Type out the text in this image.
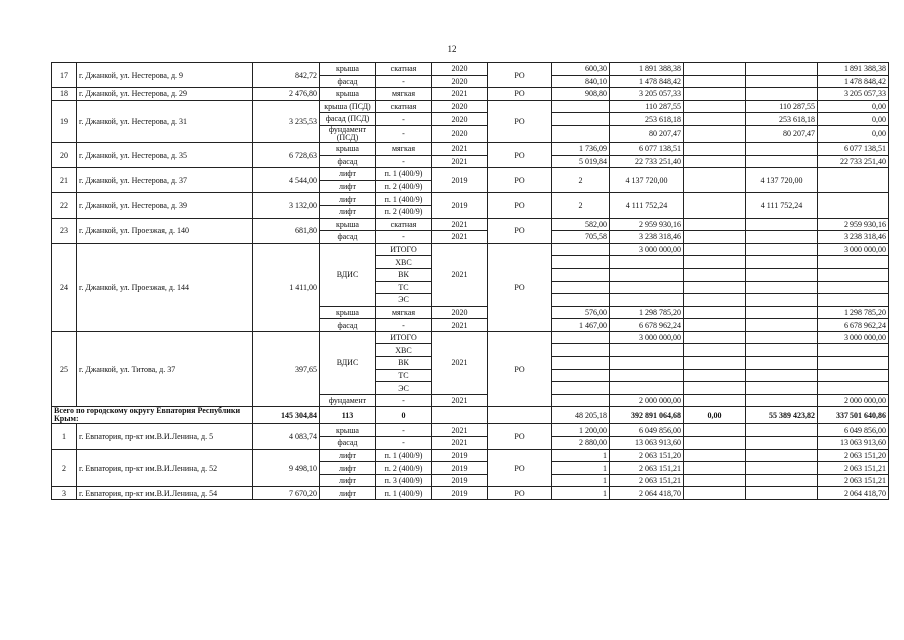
12
17	г. Джанкой, ул. Нестерова, д. 9	842,72	крыша	скатная	2020	РО	600,30	1 891 388,38			1 891 388,38
			фасад	-	2020		840,10	1 478 848,42			1 478 848,42
18	г. Джанкой, ул. Нестерова, д. 29	2 476,80	крыша	мягкая	2021	РО	908,80	3 205 057,33			3 205 057,33
19	г. Джанкой, ул. Нестерова, д. 31	3 235,53	крыша (ПСД)	скатная	2020	РО		110 287,55		110 287,55	0,00
			фасад (ПСД)	-	2020			253 618,18		253 618,18	0,00
			фундамент (ПСД)	-	2020			80 207,47		80 207,47	0,00
20	г. Джанкой, ул. Нестерова, д. 35	6 728,63	крыша	мягкая	2021	РО	1 736,09	6 077 138,51			6 077 138,51
			фасад	-	2021		5 019,84	22 733 251,40			22 733 251,40
21	г. Джанкой, ул. Нестерова, д. 37	4 544,00	лифт	п. 1 (400/9)	2019	РО	2	4 137 720,00		4 137 720,00	
			лифт	п. 2 (400/9)							
22	г. Джанкой, ул. Нестерова, д. 39	3 132,00	лифт	п. 1 (400/9)	2019	РО	2	4 111 752,24		4 111 752,24	
			лифт	п. 2 (400/9)							
23	г. Джанкой, ул. Проезжая, д. 140	681,80	крыша	скатная	2021	РО	582,00	2 959 930,16			2 959 930,16
			фасад	-	2021		705,58	3 238 318,46			3 238 318,46
24	г. Джанкой, ул. Проезжая, д. 144	1 411,00	ВДИС	ИТОГО	2021	РО		3 000 000,00			3 000 000,00
				ХВС							
				ВК							
				ТС							
				ЭС							
			крыша	мягкая	2020		576,00	1 298 785,20			1 298 785,20
			фасад	-	2021		1 467,00	6 678 962,24			6 678 962,24
25	г. Джанкой, ул. Титова, д. 37	397,65	ВДИС	ИТОГО	2021	РО		3 000 000,00			3 000 000,00
				ХВС							
				ВК							
				ТС							
				ЭС							
			фундамент	-	2021			2 000 000,00			2 000 000,00
Всего по городскому округу Евпатория Республики Крым:		145 304,84	113	0			48 205,18	392 891 064,68	0,00	55 389 423,82	337 501 640,86
1	г. Евпатория, пр-кт им.В.И.Ленина, д. 5	4 083,74	крыша	-	2021	РО	1 200,00	6 049 856,00			6 049 856,00
			фасад	-	2021		2 880,00	13 063 913,60			13 063 913,60
2	г. Евпатория, пр-кт им.В.И.Ленина, д. 52	9 498,10	лифт	п. 1 (400/9)	2019	РО	1	2 063 151,20			2 063 151,20
			лифт	п. 2 (400/9)	2019		1	2 063 151,21			2 063 151,21
			лифт	п. 3 (400/9)	2019		1	2 063 151,21			2 063 151,21
3	г. Евпатория, пр-кт им.В.И.Ленина, д. 54	7 670,20	лифт	п. 1 (400/9)	2019	РО	1	2 064 418,70			2 064 418,70
